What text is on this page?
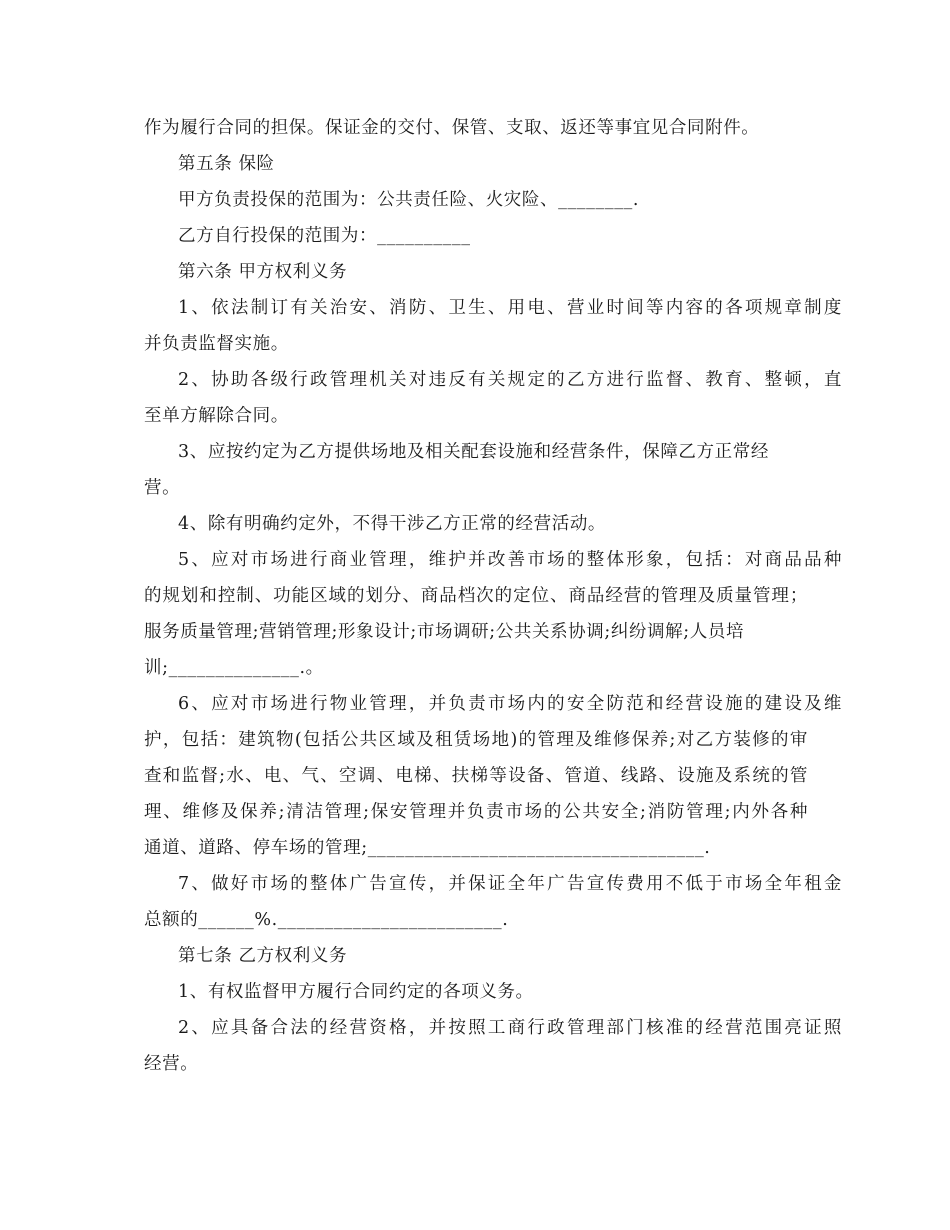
作为履行合同的担保。保证金的交付、保管、支取、返还等事宜见合同附件。

第五条 保险

甲方负责投保的范围为：公共责任险、火灾险、________.

乙方自行投保的范围为：__________

第六条 甲方权利义务

1、依法制订有关治安、消防、卫生、用电、营业时间等内容的各项规章制度

并负责监督实施。

2、协助各级行政管理机关对违反有关规定的乙方进行监督、教育、整顿，直

至单方解除合同。

3、应按约定为乙方提供场地及相关配套设施和经营条件，保障乙方正常经

营。

4、除有明确约定外，不得干涉乙方正常的经营活动。

5、应对市场进行商业管理，维护并改善市场的整体形象，包括：对商品品种

的规划和控制、功能区域的划分、商品档次的定位、商品经营的管理及质量管理；

服务质量管理;营销管理;形象设计;市场调研;公共关系协调;纠纷调解;人员培

训;______________.。

6、应对市场进行物业管理，并负责市场内的安全防范和经营设施的建设及维

护，包括：建筑物(包括公共区域及租赁场地)的管理及维修保养;对乙方装修的审

查和监督;水、电、气、空调、电梯、扶梯等设备、管道、线路、设施及系统的管

理、维修及保养;清洁管理;保安管理并负责市场的公共安全;消防管理;内外各种

通道、道路、停车场的管理;____________________________________.

7、做好市场的整体广告宣传，并保证全年广告宣传费用不低于市场全年租金

总额的______%.________________________.

第七条 乙方权利义务

1、有权监督甲方履行合同约定的各项义务。

2、应具备合法的经营资格，并按照工商行政管理部门核准的经营范围亮证照

经营。
